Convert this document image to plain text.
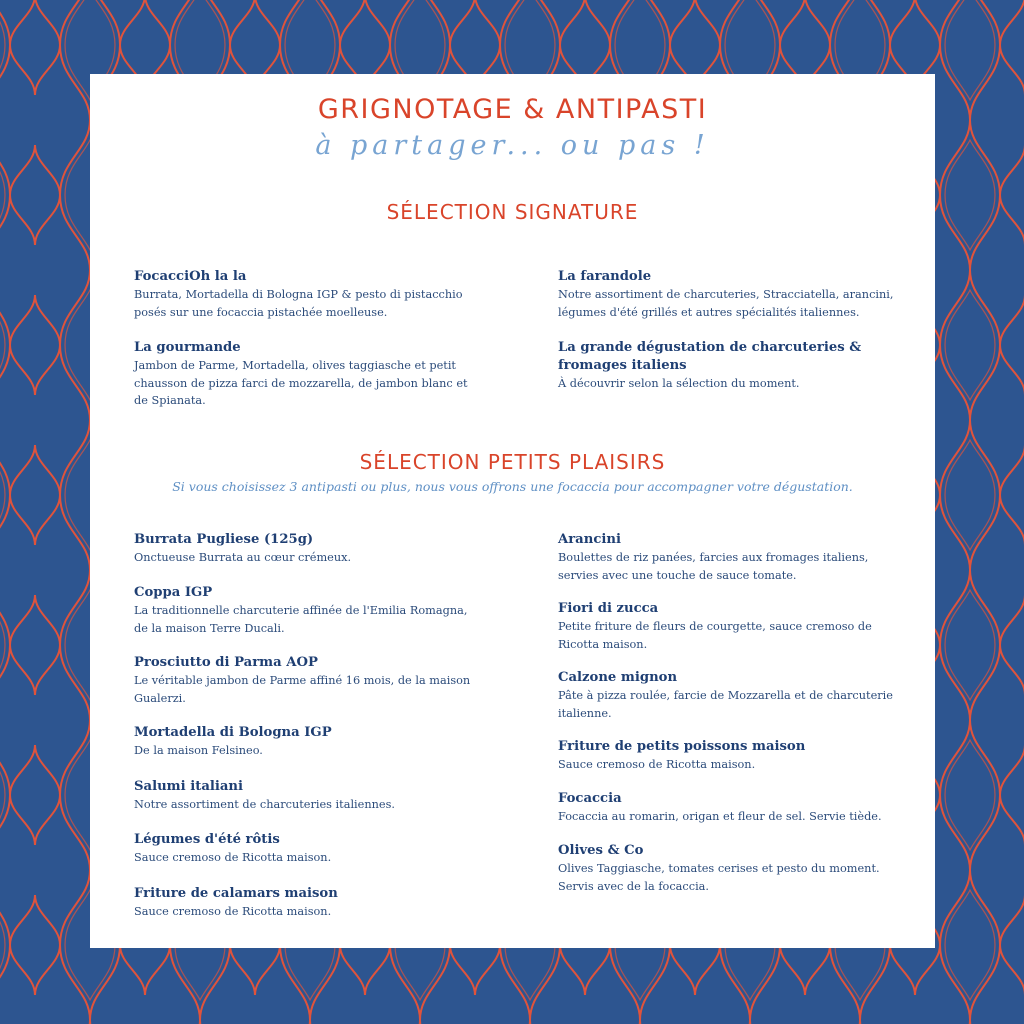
GRIGNOTAGE & ANTIPASTI

à partager... ou pas !

SÉLECTION SIGNATURE

FocacciOh la la

Burrata, Mortadella di Bologna IGP & pesto di pistacchio posés sur une focaccia pistachée moelleuse.

La gourmande

Jambon de Parme, Mortadella, olives taggiasche et petit chausson de pizza farci de mozzarella, de jambon blanc et de Spianata.

La farandole

Notre assortiment de charcuteries, Stracciatella, arancini, légumes d'été grillés et autres spécialités italiennes.

La grande dégustation de charcuteries & fromages italiens

À découvrir selon la sélection du moment.

SÉLECTION PETITS PLAISIRS

Si vous choisissez 3 antipasti ou plus, nous vous offrons une focaccia pour accompagner votre dégustation.

Burrata Pugliese (125g)

Onctueuse Burrata au cœur crémeux.

Coppa IGP

La traditionnelle charcuterie affinée de l'Emilia Romagna, de la maison Terre Ducali.

Prosciutto di Parma AOP

Le véritable jambon de Parme affiné 16 mois, de la maison Gualerzi.

Mortadella di Bologna IGP

De la maison Felsineo.

Salumi italiani

Notre assortiment de charcuteries italiennes.

Légumes d'été rôtis

Sauce cremoso de Ricotta maison.

Friture de calamars maison

Sauce cremoso de Ricotta maison.

Arancini

Boulettes de riz panées, farcies aux fromages italiens, servies avec une touche de sauce tomate.

Fiori di zucca

Petite friture de fleurs de courgette, sauce cremoso de Ricotta maison.

Calzone mignon

Pâte à pizza roulée, farcie de Mozzarella et de charcuterie italienne.

Friture de petits poissons maison

Sauce cremoso de Ricotta maison.

Focaccia

Focaccia au romarin, origan et fleur de sel. Servie tiède.

Olives & Co

Olives Taggiasche, tomates cerises et pesto du moment. Servis avec de la focaccia.
